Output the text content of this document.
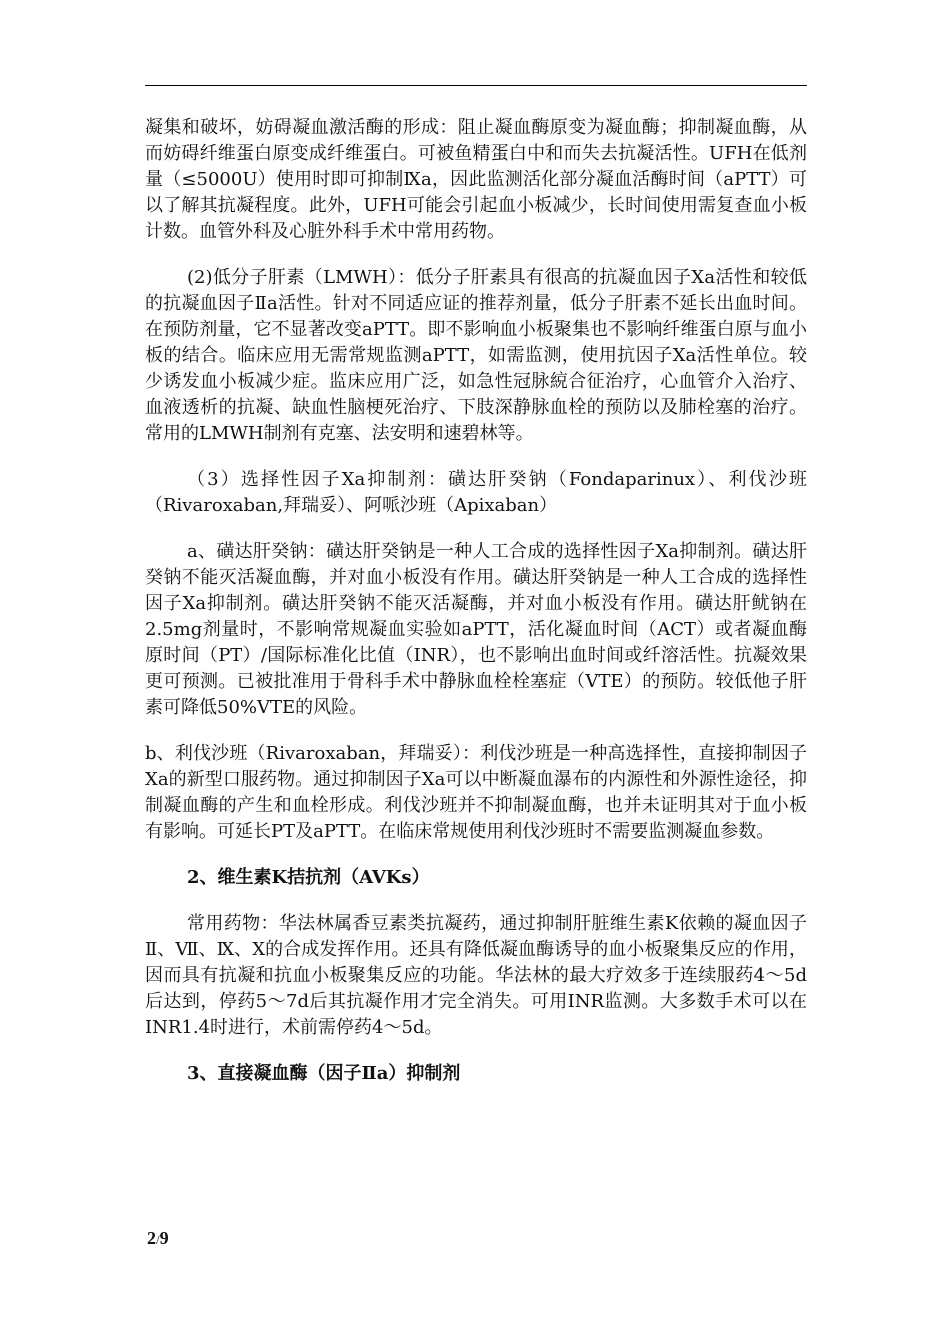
凝集和破坏，妨碍凝血激活酶的形成：阻止凝血酶原变为凝血酶；抑制凝血酶，从而妨碍纤维蛋白原变成纤维蛋白。可被鱼精蛋白中和而失去抗凝活性。UFH在低剂量（≤5000U）使用时即可抑制Ⅸa，因此监测活化部分凝血活酶时间（aPTT）可以了解其抗凝程度。此外，UFH可能会引起血小板减少，长时间使用需复查血小板计数。血管外科及心脏外科手术中常用药物。

(2)低分子肝素（LMWH）：低分子肝素具有很高的抗凝血因子Ⅹa活性和较低的抗凝血因子Ⅱa活性。针对不同适应证的推荐剂量，低分子肝素不延长出血时间。在预防剂量，它不显著改变aPTT。即不影响血小板聚集也不影响纤维蛋白原与血小板的结合。临床应用无需常规监测aPTT，如需监测，使用抗因子Xa活性单位。较少诱发血小板减少症。监床应用广泛，如急性冠脉綂合征治疗，心血管介入治疗、血液透析的抗凝、缺血性脑梗死治疗、下肢深静脉血栓的预防以及肺栓塞的治疗。常用的LMWH制剂有克塞、法安明和速碧林等。

（3）选择性因子Xa抑制剂：磺达肝癸钠（Fondaparinux）、利伐沙班（Rivaroxaban,拜瑞妥）、阿哌沙班（Apixaban）

a、磺达肝癸钠：磺达肝癸钠是一种人工合成的选择性因子Xa抑制剂。磺达肝癸钠不能灭活凝血酶，并对血小板没有作用。磺达肝癸钠是一种人工合成的选择性因子Xa抑制剂。磺达肝癸钠不能灭活凝酶，并对血小板没有作用。磺达肝鱿钠在2.5mg剂量时，不影响常规凝血实验如aPTT，活化凝血时间（ACT）或者凝血酶原时间（PT）/国际标准化比值（INR），也不影响出血时间或纤溶活性。抗凝效果更可预测。已被批准用于骨科手术中静脉血栓栓塞症（VTE）的预防。较低他子肝素可降低50%VTE的风险。

b、利伐沙班（Rivaroxaban，拜瑞妥）：利伐沙班是一种高选择性，直接抑制因子Xa的新型口服药物。通过抑制因子Xa可以中断凝血瀑布的内源性和外源性途径，抑制凝血酶的产生和血栓形成。利伐沙班并不抑制凝血酶，也并未证明其对于血小板有影响。可延长PT及aPTT。在临床常规使用利伐沙班时不需要监测凝血参数。

2、维生素K拮抗剂（AVKs）

常用药物：华法林属香豆素类抗凝药，通过抑制肝脏维生素K依赖的凝血因子Ⅱ、Ⅶ、Ⅸ、Ⅹ的合成发挥作用。还具有降低凝血酶诱导的血小板聚集反应的作用，因而具有抗凝和抗血小板聚集反应的功能。华法林的最大疗效多于连续服药4～5d后达到，停药5～7d后其抗凝作用才完全消失。可用INR监测。大多数手术可以在INR1.4时进行，术前需停药4～5d。

3、直接凝血酶（因子Ⅱa）抑制剂

2/9
